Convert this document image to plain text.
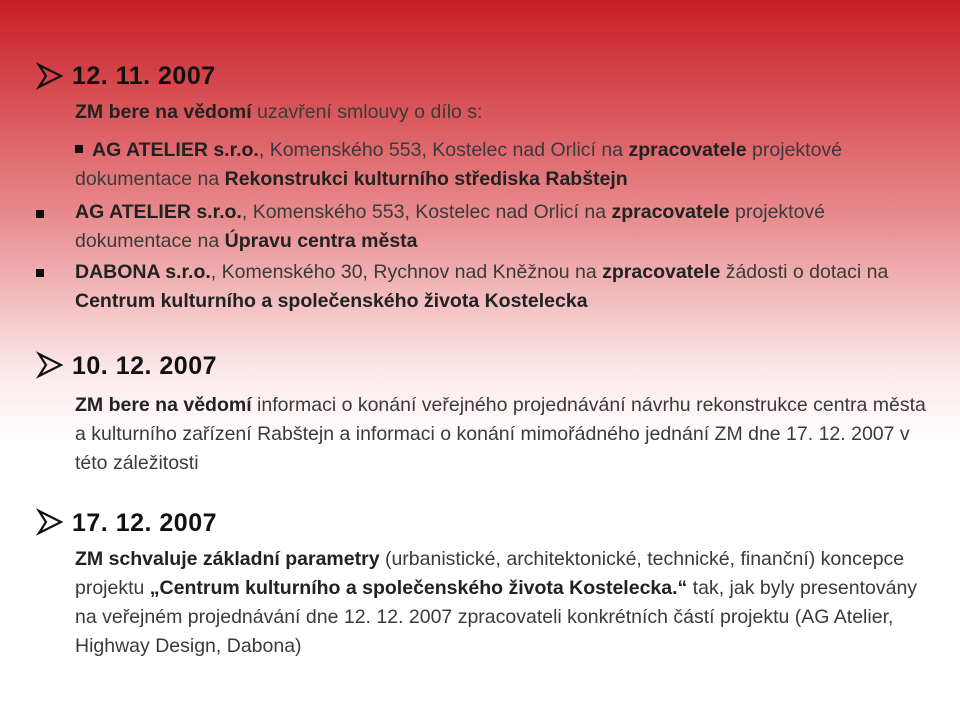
12. 11. 2007
ZM bere na vědomí uzavření smlouvy o dílo s:
AG ATELIER s.r.o., Komenského 553, Kostelec nad Orlicí na zpracovatele projektové dokumentace na Rekonstrukci kulturního střediska Rabštejn
AG ATELIER s.r.o., Komenského 553, Kostelec nad Orlicí na zpracovatele projektové dokumentace na Úpravu centra města
DABONA s.r.o., Komenského 30, Rychnov nad Kněžnou na zpracovatele žádosti o dotaci na Centrum kulturního a společenského života Kostelecka
10. 12. 2007
ZM bere na vědomí informaci o konání veřejného projednávání návrhu rekonstrukce centra města a kulturního zařízení Rabštejn a informaci o konání mimořádného jednání ZM dne 17. 12. 2007 v této záležitosti
17. 12. 2007
ZM schvaluje základní parametry (urbanistické, architektonické, technické, finanční) koncepce projektu „Centrum kulturního a společenského života Kostelecka.“ tak, jak byly presentovány na veřejném projednávání dne 12. 12. 2007 zpracovateli konkrétních částí projektu (AG Atelier, Highway Design, Dabona)
